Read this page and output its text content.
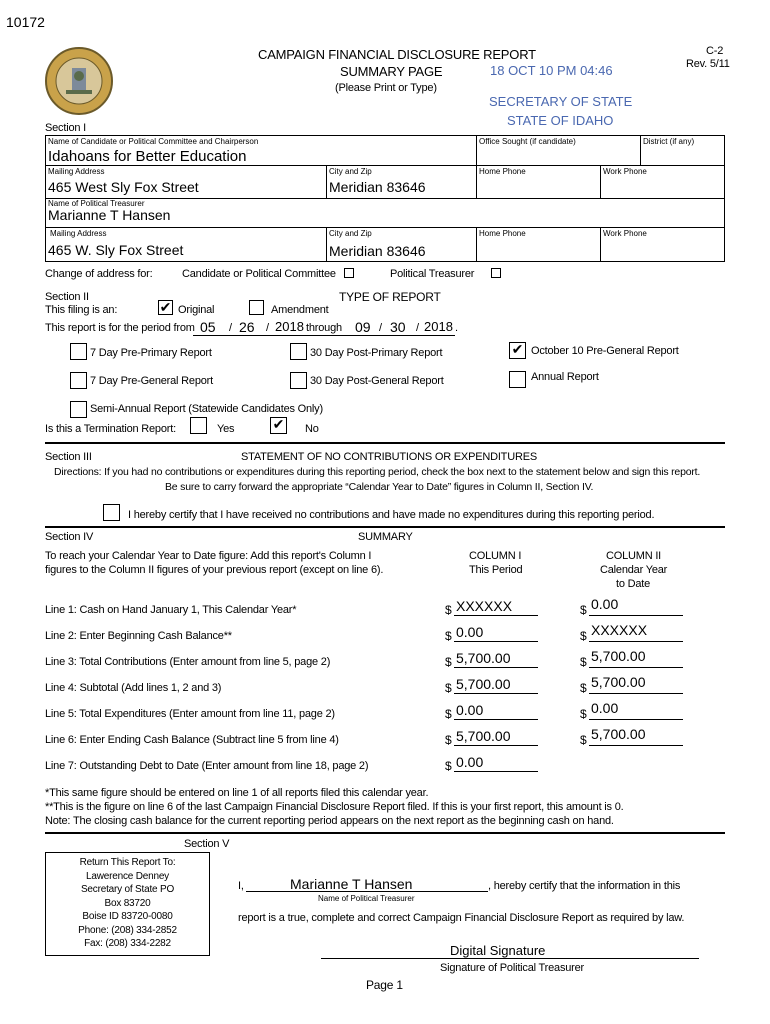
10172
CAMPAIGN FINANCIAL DISCLOSURE REPORT
SUMMARY PAGE
(Please Print or Type)
C-2
Rev. 5/11
18 OCT 10 PM 04:46
SECRETARY OF STATE
STATE OF IDAHO
Section I
Name of Candidate or Political Committee and Chairperson
Idahoans for Better Education
Office Sought (if candidate)	District (if any)
Mailing Address
465 West Sly Fox Street
City and Zip
Meridian 83646
Home Phone	Work Phone
Name of Political Treasurer
Marianne T Hansen
Mailing Address
465 W. Sly Fox Street
City and Zip
Meridian 83646
Home Phone	Work Phone
Change of address for:	Candidate or Political Committee	Political Treasurer
Section II	TYPE OF REPORT
This filing is an:	✔ Original	Amendment
This report is for the period from 05 / 26 / 2018 through 09 / 30 / 2018 .
7 Day Pre-Primary Report	30 Day Post-Primary Report	✔ October 10 Pre-General Report
7 Day Pre-General Report	30 Day Post-General Report	Annual Report
Semi-Annual Report (Statewide Candidates Only)
Is this a Termination Report:	Yes	✔ No
Section III	STATEMENT OF NO CONTRIBUTIONS OR EXPENDITURES
Directions: If you had no contributions or expenditures during this reporting period, check the box next to the statement below and sign this report.
Be sure to carry forward the appropriate “Calendar Year to Date” figures in Column II, Section IV.
I hereby certify that I have received no contributions and have made no expenditures during this reporting period.
Section IV	SUMMARY
To reach your Calendar Year to Date figure: Add this report's Column I
figures to the Column II figures of your previous report (except on line 6).
COLUMN I
This Period
COLUMN II
Calendar Year
to Date
Line 1: Cash on Hand January 1, This Calendar Year*	$ XXXXXX	$ 0.00
Line 2: Enter Beginning Cash Balance**	$ 0.00	$ XXXXXX
Line 3: Total Contributions (Enter amount from line 5, page 2)	$ 5,700.00	$ 5,700.00
Line 4: Subtotal (Add lines 1, 2 and 3)	$ 5,700.00	$ 5,700.00
Line 5: Total Expenditures (Enter amount from line 11, page 2)	$ 0.00	$ 0.00
Line 6: Enter Ending Cash Balance (Subtract line 5 from line 4)	$ 5,700.00	$ 5,700.00
Line 7: Outstanding Debt to Date (Enter amount from line 18, page 2)	$ 0.00
*This same figure should be entered on line 1 of all reports filed this calendar year.
**This is the figure on line 6 of the last Campaign Financial Disclosure Report filed. If this is your first report, this amount is 0.
Note: The closing cash balance for the current reporting period appears on the next report as the beginning cash on hand.
Section V
Return This Report To:
Lawerence Denney
Secretary of State PO
Box 83720
Boise ID 83720-0080
Phone: (208) 334-2852
Fax: (208) 334-2282
I,	Marianne T Hansen	, hereby certify that the information in this
Name of Political Treasurer
report is a true, complete and correct Campaign Financial Disclosure Report as required by law.
Digital Signature
Signature of Political Treasurer
Page 1
